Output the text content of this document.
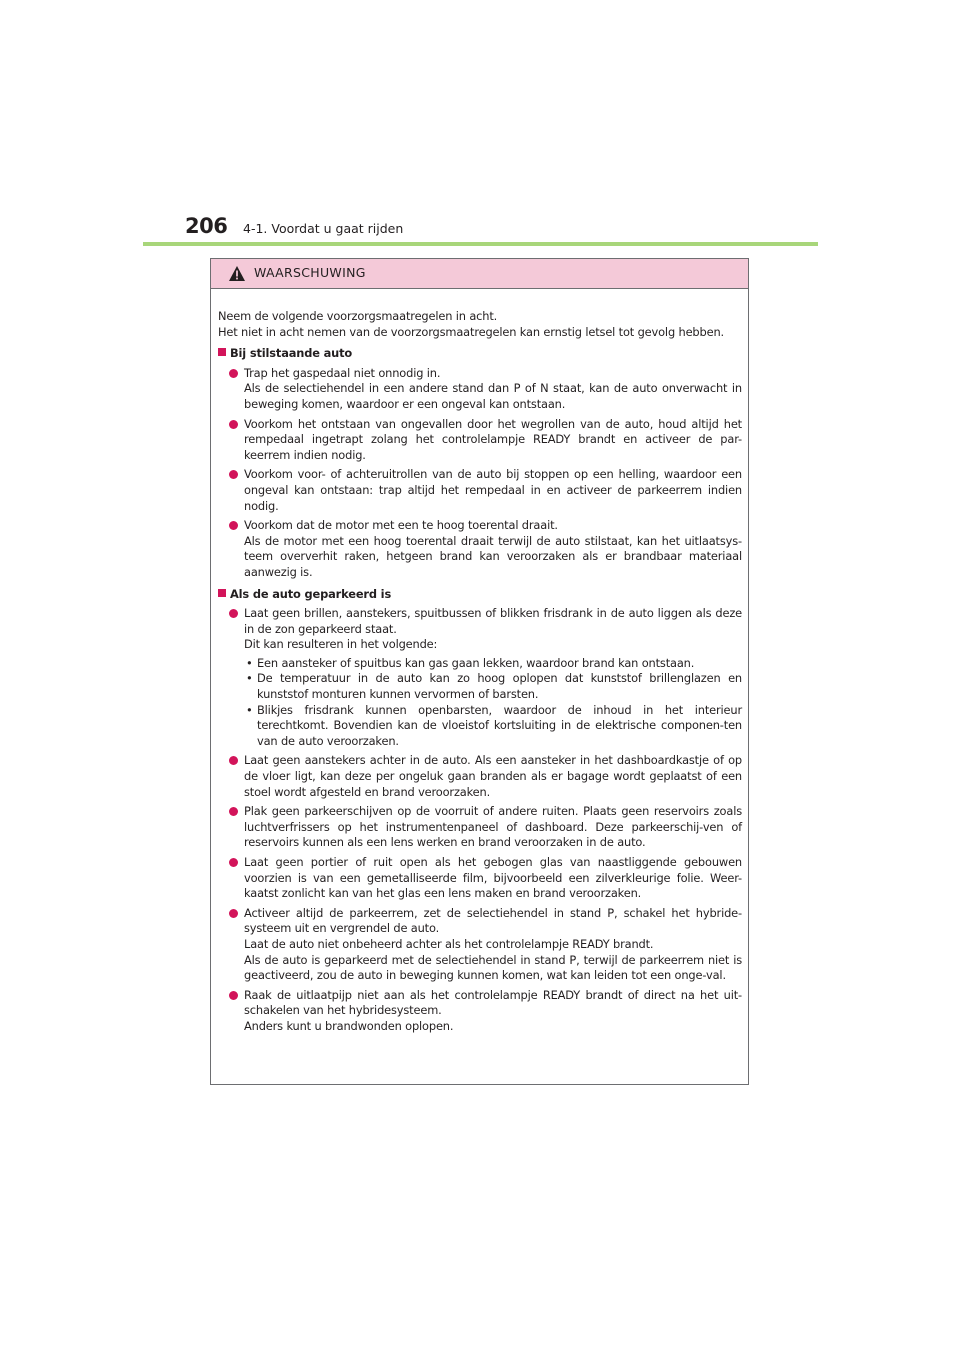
206 4-1. Voordat u gaat rijden
WAARSCHUWING

Neem de volgende voorzorgsmaatregelen in acht.

Het niet in acht nemen van de voorzorgsmaatregelen kan ernstig letsel tot gevolg hebben.

Bij stilstaande auto

Trap het gaspedaal niet onnodig in.

Als de selectiehendel in een andere stand dan P of N staat, kan de auto onverwacht in beweging komen, waardoor er een ongeval kan ontstaan.

Voorkom het ontstaan van ongevallen door het wegrollen van de auto, houd altijd het rempedaal ingetrapt zolang het controlelampje READY brandt en activeer de par-keerrem indien nodig.

Voorkom voor- of achteruitrollen van de auto bij stoppen op een helling, waardoor een ongeval kan ontstaan: trap altijd het rempedaal in en activeer de parkeerrem indien nodig.

Voorkom dat de motor met een te hoog toerental draait.

Als de motor met een hoog toerental draait terwijl de auto stilstaat, kan het uitlaatsys-teem oververhit raken, hetgeen brand kan veroorzaken als er brandbaar materiaal aanwezig is.

Als de auto geparkeerd is

Laat geen brillen, aanstekers, spuitbussen of blikken frisdrank in de auto liggen als deze in de zon geparkeerd staat.

Dit kan resulteren in het volgende:

• Een aansteker of spuitbus kan gas gaan lekken, waardoor brand kan ontstaan.
• De temperatuur in de auto kan zo hoog oplopen dat kunststof brillenglazen en kunststof monturen kunnen vervormen of barsten.
• Blikjes frisdrank kunnen openbarsten, waardoor de inhoud in het interieur terechtkomt. Bovendien kan de vloeistof kortsluiting in de elektrische componen-ten van de auto veroorzaken.

Laat geen aanstekers achter in de auto. Als een aansteker in het dashboardkastje of op de vloer ligt, kan deze per ongeluk gaan branden als er bagage wordt geplaatst of een stoel wordt afgesteld en brand veroorzaken.

Plak geen parkeerschijven op de voorruit of andere ruiten. Plaats geen reservoirs zoals luchtverfrissers op het instrumentenpaneel of dashboard. Deze parkeerschij-ven of reservoirs kunnen als een lens werken en brand veroorzaken in de auto.

Laat geen portier of ruit open als het gebogen glas van naastliggende gebouwen voorzien is van een gemetalliseerde film, bijvoorbeeld een zilverkleurige folie. Weer-kaatst zonlicht kan van het glas een lens maken en brand veroorzaken.

Activeer altijd de parkeerrem, zet de selectiehendel in stand P, schakel het hybride-systeem uit en vergrendel de auto.

Laat de auto niet onbeheerd achter als het controlelampje READY brandt.

Als de auto is geparkeerd met de selectiehendel in stand P, terwijl de parkeerrem niet is geactiveerd, zou de auto in beweging kunnen komen, wat kan leiden tot een onge-val.

Raak de uitlaatpijp niet aan als het controlelampje READY brandt of direct na het uit-schakelen van het hybridesysteem.

Anders kunt u brandwonden oplopen.
